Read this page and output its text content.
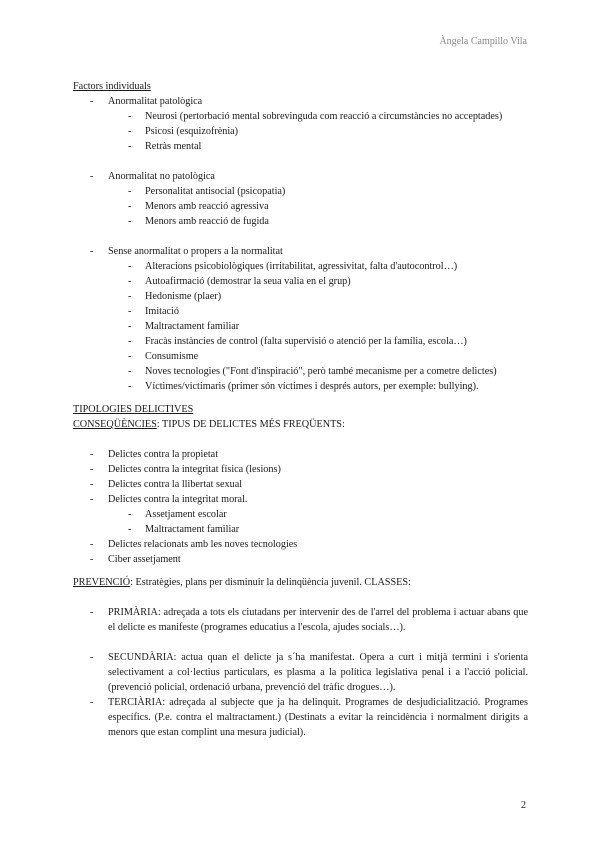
Àngela Campillo Vila
Factors individuals
- Anormalitat patològica
- Neurosi (pertorbació mental sobrevinguda com reacció a circumstàncies no acceptades)
- Psicosi (esquizofrènia)
- Retràs mental
- Anormalitat no patològica
- Personalitat antisocial (psicopatia)
- Menors amb reacció agressiva
- Menors amb reacció de fugida
- Sense anormalitat o propers a la normalitat
- Alteracions psicobiològiques (irritabilitat, agressivitat, falta d'autocontrol…)
- Autoafirmació (demostrar la seua valia en el grup)
- Hedonisme (plaer)
- Imitació
- Maltractament familiar
- Fracàs instàncies de control (falta supervisió o atenció per la família, escola…)
- Consumisme
- Noves tecnologies ("Font d'inspiració", però també mecanisme per a cometre delictes)
- Víctimes/victimaris (primer són víctimes i després autors, per exemple: bullying).
TIPOLOGIES DELICTIVES
CONSEQÜÈNCIES: TIPUS DE DELICTES MÉS FREQÜENTS:
- Delictes contra la propietat
- Delictes contra la integritat física (lesions)
- Delictes contra la llibertat sexual
- Delictes contra la integritat moral.
- Assetjament escolar
- Maltractament familiar
- Delictes relacionats amb les noves tecnologies
- Ciber assetjament
PREVENCIÓ: Estratègies, plans per disminuir la delinqüència juvenil. CLASSES:
- PRIMÀRIA: adreçada a tots els ciutadans per intervenir des de l'arrel del problema i actuar abans que el delicte es manifeste (programes educatius a l'escola, ajudes socials…).
- SECUNDÀRIA: actua quan el delicte ja s´ha manifestat. Opera a curt i mitjà termini i s'orienta selectivament a col·lectius particulars, es plasma a la política legislativa penal i a l'acció policial. (prevenció policial, ordenació urbana, prevenció del tràfic drogues…).
- TERCIÀRIA: adreçada al subjecte que ja ha delinquit. Programes de desjudicialització. Programes específics. (P.e. contra el maltractament.) (Destinats a evitar la reincidència i normalment dirigits a menors que estan complint una mesura judicial).
2
